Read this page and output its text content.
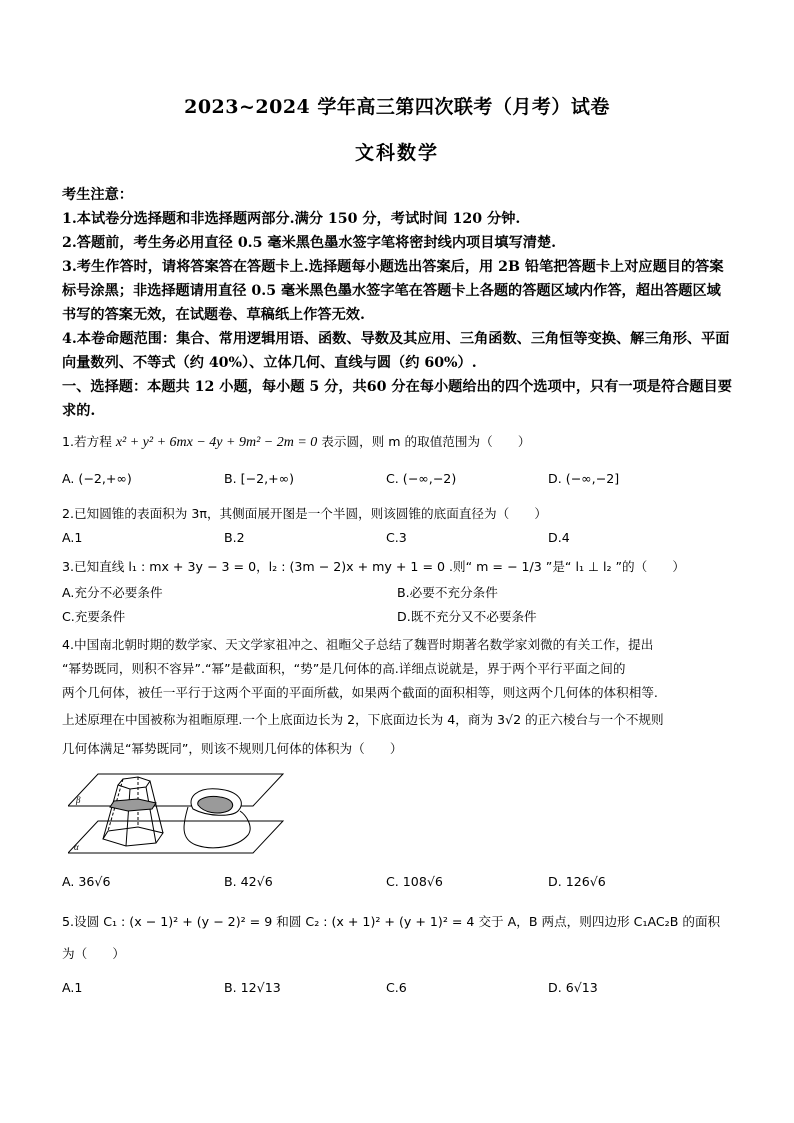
2023~2024 学年高三第四次联考（月考）试卷
文科数学

考生注意：

1.本试卷分选择题和非选择题两部分.满分 150 分，考试时间 120 分钟.

2.答题前，考生务必用直径 0.5 毫米黑色墨水签字笔将密封线内项目填写清楚.

3.考生作答时，请将答案答在答题卡上.选择题每小题选出答案后，用 2B 铅笔把答题卡上对应题目的答案标号涂黑；非选择题请用直径 0.5 毫米黑色墨水签字笔在答题卡上各题的答题区域内作答，超出答题区域书写的答案无效，在试题卷、草稿纸上作答无效.

4.本卷命题范围：集合、常用逻辑用语、函数、导数及其应用、三角函数、三角恒等变换、解三角形、平面向量数列、不等式（约 40%）、立体几何、直线与圆（约 60%）.

一、选择题：本题共 12 小题，每小题 5 分，共60 分在每小题给出的四个选项中，只有一项是符合题目要求的.

1.若方程 x² + y² + 6mx − 4y + 9m² − 2m = 0 表示圆，则 m 的取值范围为（　　）

A. (−2,+∞)	B. [−2,+∞)	C. (−∞,−2)	D. (−∞,−2]

2.已知圆锥的表面积为 3π，其侧面展开图是一个半圆，则该圆锥的底面直径为（　　）

A.1	B.2	C.3	D.4

3.已知直线 l₁ : mx + 3y − 3 = 0，l₂ : (3m − 2)x + my + 1 = 0 .则“ m = − 1/3 ”是“ l₁ ⊥ l₂ ”的（　　）

A.充分不必要条件	B.必要不充分条件
C.充要条件	D.既不充分又不必要条件

4.中国南北朝时期的数学家、天文学家祖冲之、祖暅父子总结了魏晋时期著名数学家刘微的有关工作，提出

“幂势既同，则积不容异”.“幂”是截面积，“势”是几何体的高.详细点说就是，界于两个平行平面之间的

两个几何体，被任一平行于这两个平面的平面所截，如果两个截面的面积相等，则这两个几何体的体积相等.

上述原理在中国被称为祖暅原理.一个上底面边长为 2，下底面边长为 4，商为 3√2 的正六棱台与一个不规则

几何体满足“幂势既同”，则该不规则几何体的体积为（　　）

β
α
A. 36√6	B. 42√6	C. 108√6	D. 126√6

5.设圆 C₁ : (x − 1)² + (y − 2)² = 9 和圆 C₂ : (x + 1)² + (y + 1)² = 4 交于 A，B 两点，则四边形 C₁AC₂B 的面积

为（　　）

A.1	B. 12√13	C.6	D. 6√13
